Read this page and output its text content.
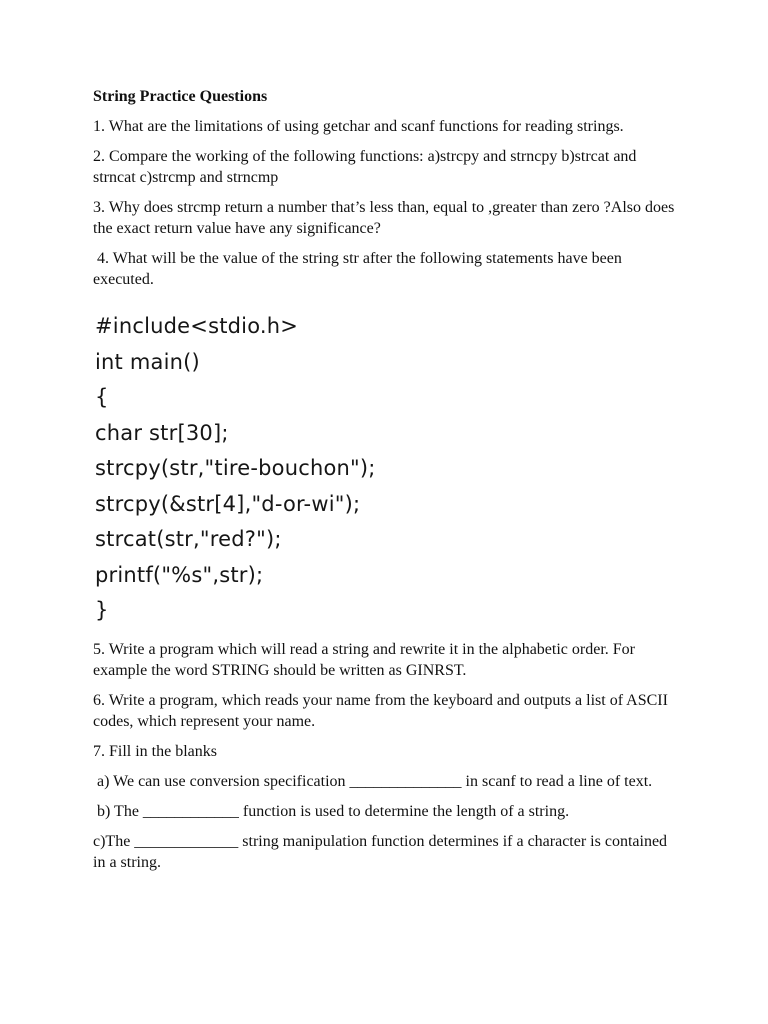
String Practice Questions

1. What are the limitations of using getchar and scanf functions for reading strings.

2. Compare the working of the following functions: a)strcpy and strncpy b)strcat and strncat c)strcmp and strncmp

3. Why does strcmp return a number that’s less than, equal to ,greater than zero ?Also does the exact return value have any significance?

4. What will be the value of the string str after the following statements have been executed.

#include<stdio.h>
int main()
{
char str[30];
strcpy(str,"tire-bouchon");
strcpy(&str[4],"d-or-wi");
strcat(str,"red?");
printf("%s",str);
}

5. Write a program which will read a string and rewrite it in the alphabetic order. For example the word STRING should be written as GINRST.

6. Write a program, which reads your name from the keyboard and outputs a list of ASCII codes, which represent your name.

7. Fill in the blanks

a) We can use conversion specification ______________ in scanf to read a line of text.

b) The ____________ function is used to determine the length of a string.

c)The _____________ string manipulation function determines if a character is contained in a string.
